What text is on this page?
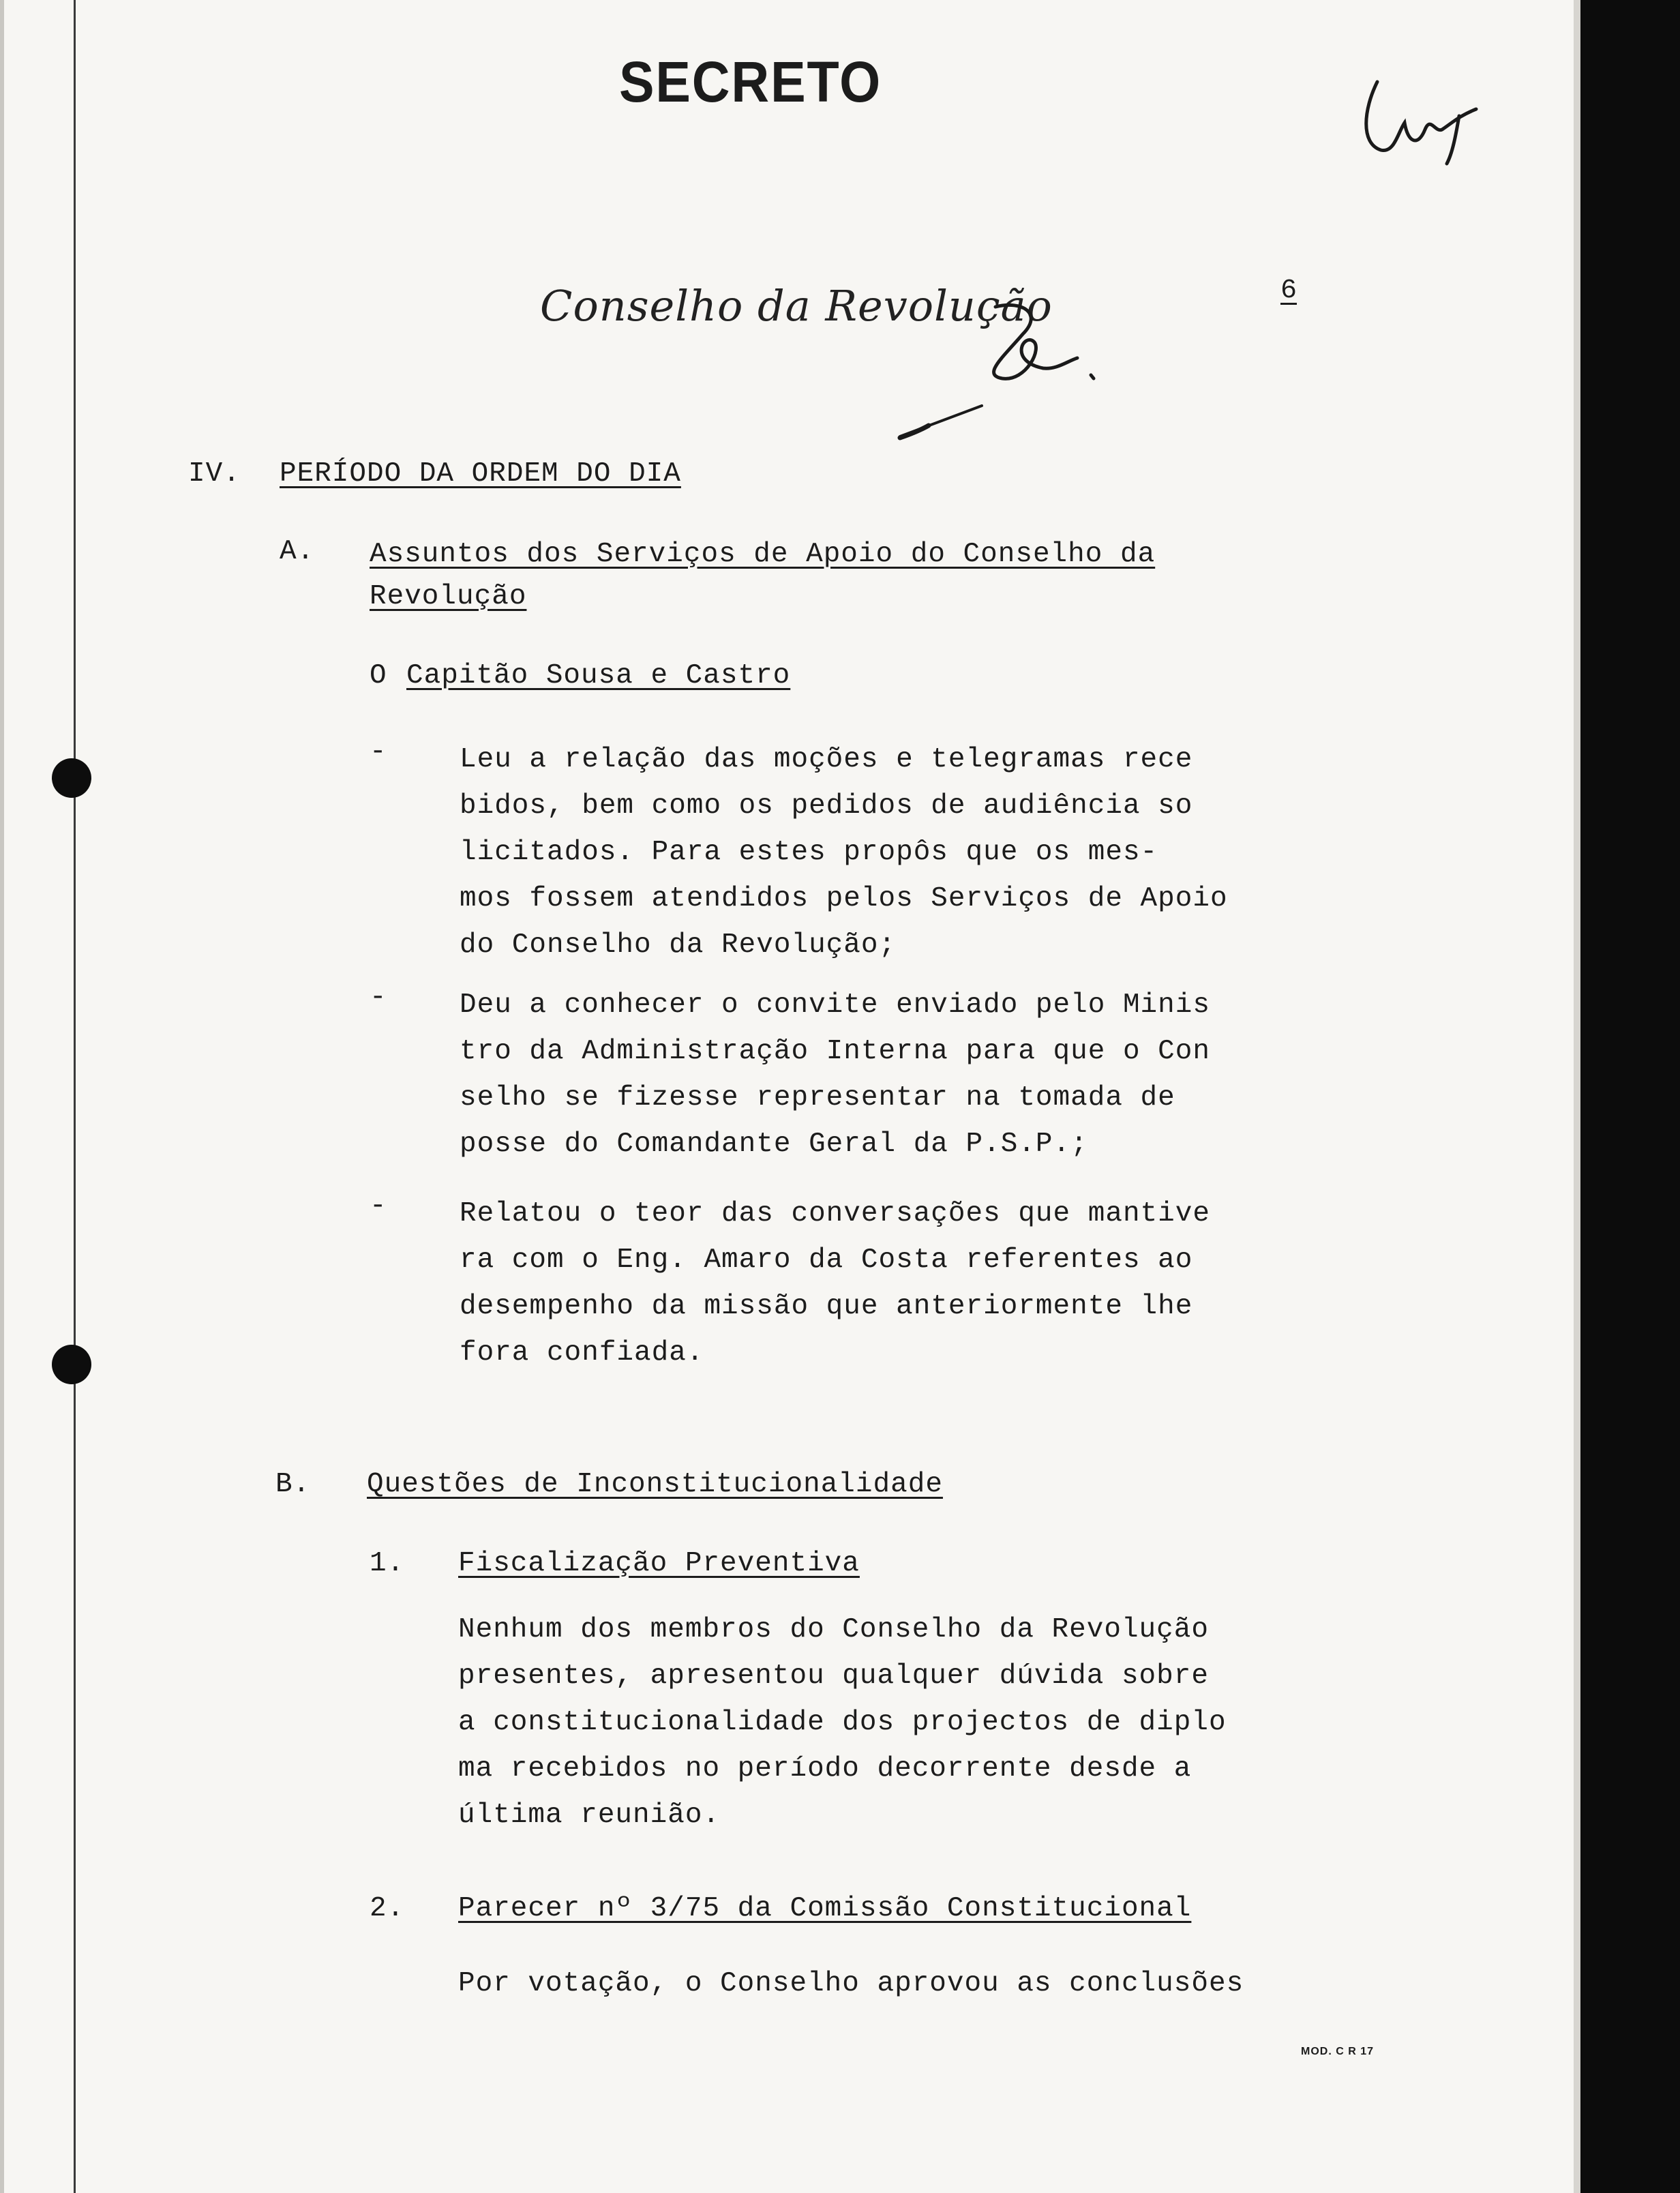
SECRETO
Conselho da Revolução	6
IV. PERÍODO DA ORDEM DO DIA
A. Assuntos dos Serviços de Apoio do Conselho da
Revolução
O Capitão Sousa e Castro
-	Leu a relação das moções e telegramas rece
bidos, bem como os pedidos de audiência so
licitados. Para estes propôs que os mes-
mos fossem atendidos pelos Serviços de Apoio
do Conselho da Revolução;
-	Deu a conhecer o convite enviado pelo Minis
tro da Administração Interna para que o Con
selho se fizesse representar na tomada de
posse do Comandante Geral da P.S.P.;
-	Relatou o teor das conversações que mantive
ra com o Eng. Amaro da Costa referentes ao
desempenho da missão que anteriormente lhe
fora confiada.
B. Questões de Inconstitucionalidade
1. Fiscalização Preventiva
Nenhum dos membros do Conselho da Revolução
presentes, apresentou qualquer dúvida sobre
a constitucionalidade dos projectos de diplo
ma recebidos no período decorrente desde a
última reunião.
2. Parecer nº 3/75 da Comissão Constitucional
Por votação, o Conselho aprovou as conclusões
MOD. C R 17
